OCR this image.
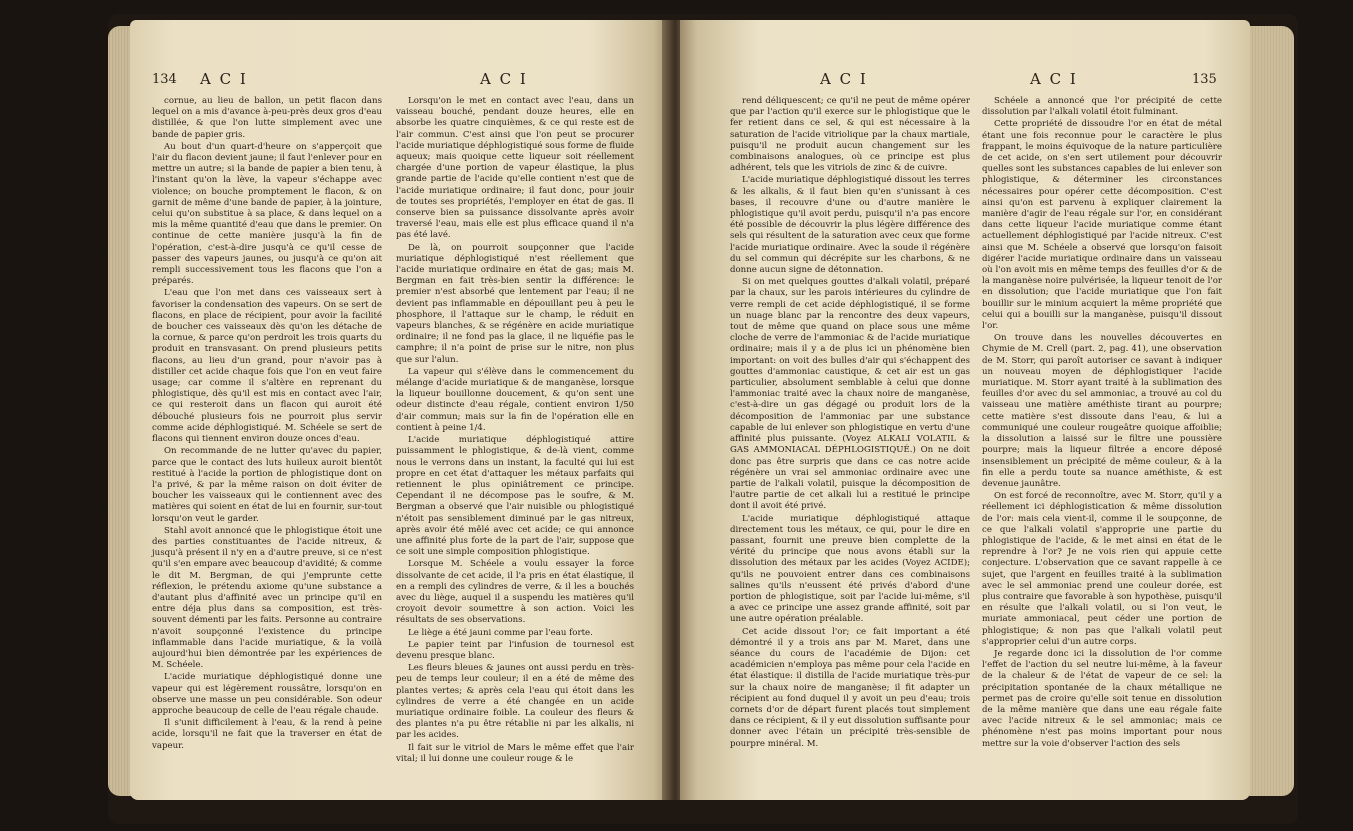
134 A C I	A C I

cornue, au lieu de ballon, un petit flacon dans lequel on a mis d'avance à-peu-près deux gros d'eau distillée, & que l'on lutte simplement avec une bande de papier gris.

Au bout d'un quart-d'heure on s'apperçoit que l'air du flacon devient jaune; il faut l'enlever pour en mettre un autre; si la bande de papier a bien tenu, à l'instant qu'on la lève, la vapeur s'échappe avec violence; on bouche promptement le flacon, & on garnit de même d'une bande de papier, à la jointure, celui qu'on substitue à sa place, & dans lequel on a mis la même quantité d'eau que dans le premier. On continue de cette manière jusqu'à la fin de l'opération, c'est-à-dire jusqu'à ce qu'il cesse de passer des vapeurs jaunes, ou jusqu'à ce qu'on ait rempli successivement tous les flacons que l'on a préparés.

L'eau que l'on met dans ces vaisseaux sert à favoriser la condensation des vapeurs. On se sert de flacons, en place de récipient, pour avoir la facilité de boucher ces vaisseaux dès qu'on les détache de la cornue, & parce qu'on perdroit les trois quarts du produit en transvasant. On prend plusieurs petits flacons, au lieu d'un grand, pour n'avoir pas à distiller cet acide chaque fois que l'on en veut faire usage; car comme il s'altère en reprenant du phlogistique, dès qu'il est mis en contact avec l'air, ce qui resteroit dans un flacon qui auroit été débouché plusieurs fois ne pourroit plus servir comme acide déphlogistiqué. M. Schéele se sert de flacons qui tiennent environ douze onces d'eau.

On recommande de ne lutter qu'avec du papier, parce que le contact des luts huileux auroit bientôt restitué à l'acide la portion de phlogistique dont on l'a privé, & par la même raison on doit éviter de boucher les vaisseaux qui le contiennent avec des matières qui soient en état de lui en fournir, sur-tout lorsqu'on veut le garder.

Stahl avoit annoncé que le phlogistique étoit une des parties constituantes de l'acide nitreux, & jusqu'à présent il n'y en a d'autre preuve, si ce n'est qu'il s'en empare avec beaucoup d'avidité; & comme le dit M. Bergman, de qui j'emprunte cette réflexion, le prétendu axiome qu'une substance a d'autant plus d'affinité avec un principe qu'il en entre déja plus dans sa composition, est très-souvent démenti par les faits. Personne au contraire n'avoit soupçonné l'existence du principe inflammable dans l'acide muriatique, & la voilà aujourd'hui bien démontrée par les expériences de M. Schéele.

L'acide muriatique déphlogistiqué donne une vapeur qui est légèrement roussâtre, lorsqu'on en observe une masse un peu considérable. Son odeur approche beaucoup de celle de l'eau régale chaude.

Il s'unit difficilement à l'eau, & la rend à peine acide, lorsqu'il ne fait que la traverser en état de vapeur.

Lorsqu'on le met en contact avec l'eau, dans un vaisseau bouché, pendant douze heures, elle en absorbe les quatre cinquièmes, & ce qui reste est de l'air commun. C'est ainsi que l'on peut se procurer l'acide muriatique déphlogistiqué sous forme de fluide aqueux; mais quoique cette liqueur soit réellement chargée d'une portion de vapeur élastique, la plus grande partie de l'acide qu'elle contient n'est que de l'acide muriatique ordinaire; il faut donc, pour jouir de toutes ses propriétés, l'employer en état de gas. Il conserve bien sa puissance dissolvante après avoir traversé l'eau, mais elle est plus efficace quand il n'a pas été lavé.

De là, on pourroit soupçonner que l'acide muriatique déphlogistiqué n'est réellement que l'acide muriatique ordinaire en état de gas; mais M. Bergman en fait très-bien sentir la différence: le premier n'est absorbé que lentement par l'eau; il ne devient pas inflammable en dépouillant peu à peu le phosphore, il l'attaque sur le champ, le réduit en vapeurs blanches, & se régénère en acide muriatique ordinaire; il ne fond pas la glace, il ne liquéfie pas le camphre; il n'a point de prise sur le nitre, non plus que sur l'alun.

La vapeur qui s'élève dans le commencement du mélange d'acide muriatique & de manganèse, lorsque la liqueur bouillonne doucement, & qu'on sent une odeur distincte d'eau régale, contient environ 1/50 d'air commun; mais sur la fin de l'opération elle en contient à peine 1/4.

L'acide muriatique déphlogistiqué attire puissamment le phlogistique, & de-là vient, comme nous le verrons dans un instant, la faculté qui lui est propre en cet état d'attaquer les métaux parfaits qui retiennent le plus opiniâtrement ce principe. Cependant il ne décompose pas le soufre, & M. Bergman a observé que l'air nuisible ou phlogistiqué n'étoit pas sensiblement diminué par le gas nitreux, après avoir été mêlé avec cet acide; ce qui annonce une affinité plus forte de la part de l'air, suppose que ce soit une simple composition phlogistique.

Lorsque M. Schéele a voulu essayer la force dissolvante de cet acide, il l'a pris en état élastique, il en a rempli des cylindres de verre, & il les a bouchés avec du liège, auquel il a suspendu les matières qu'il croyoit devoir soumettre à son action. Voici les résultats de ses observations.

Le liège a été jauni comme par l'eau forte.

Le papier teint par l'infusion de tournesol est devenu presque blanc.

Les fleurs bleues & jaunes ont aussi perdu en très-peu de temps leur couleur; il en a été de même des plantes vertes; & après cela l'eau qui étoit dans les cylindres de verre a été changée en un acide muriatique ordinaire foible. La couleur des fleurs & des plantes n'a pu être rétablie ni par les alkalis, ni par les acides.

Il fait sur le vitriol de Mars le même effet que l'air vital; il lui donne une couleur rouge & le

A C I	A C I	135

rend déliquescent; ce qu'il ne peut de même opérer que par l'action qu'il exerce sur le phlogistique que le fer retient dans ce sel, & qui est nécessaire à la saturation de l'acide vitriolique par la chaux martiale, puisqu'il ne produit aucun changement sur les combinaisons analogues, où ce principe est plus adhérent, tels que les vitriols de zinc & de cuivre.

L'acide muriatique déphlogistiqué dissout les terres & les alkalis, & il faut bien qu'en s'unissant à ces bases, il recouvre d'une ou d'autre manière le phlogistique qu'il avoit perdu, puisqu'il n'a pas encore été possible de découvrir la plus légère différence des sels qui résultent de la saturation avec ceux que forme l'acide muriatique ordinaire. Avec la soude il régénère du sel commun qui décrépite sur les charbons, & ne donne aucun signe de détonnation.

Si on met quelques gouttes d'alkali volatil, préparé par la chaux, sur les parois intérieures du cylindre de verre rempli de cet acide déphlogistiqué, il se forme un nuage blanc par la rencontre des deux vapeurs, tout de même que quand on place sous une même cloche de verre de l'ammoniac & de l'acide muriatique ordinaire; mais il y a de plus ici un phénomène bien important: on voit des bulles d'air qui s'échappent des gouttes d'ammoniac caustique, & cet air est un gas particulier, absolument semblable à celui que donne l'ammoniac traité avec la chaux noire de manganèse, c'est-à-dire un gas dégagé ou produit lors de la décomposition de l'ammoniac par une substance capable de lui enlever son phlogistique en vertu d'une affinité plus puissante. (Voyez ALKALI VOLATIL & GAS AMMONIACAL DÉPHLOGISTIQUÉ.) On ne doit donc pas être surpris que dans ce cas notre acide régénère un vrai sel ammoniac ordinaire avec une partie de l'alkali volatil, puisque la décomposition de l'autre partie de cet alkali lui a restitué le principe dont il avoit été privé.

L'acide muriatique déphlogistiqué attaque directement tous les métaux, ce qui, pour le dire en passant, fournit une preuve bien complette de la vérité du principe que nous avons établi sur la dissolution des métaux par les acides (Voyez ACIDE); qu'ils ne pouvoient entrer dans ces combinaisons salines qu'ils n'eussent été privés d'abord d'une portion de phlogistique, soit par l'acide lui-même, s'il a avec ce principe une assez grande affinité, soit par une autre opération préalable.

Cet acide dissout l'or; ce fait important a été démontré il y a trois ans par M. Maret, dans une séance du cours de l'académie de Dijon: cet académicien n'employa pas même pour cela l'acide en état élastique: il distilla de l'acide muriatique très-pur sur la chaux noire de manganèse; il fit adapter un récipient au fond duquel il y avoit un peu d'eau; trois cornets d'or de départ furent placés tout simplement dans ce récipient, & il y eut dissolution suffisante pour donner avec l'étain un précipité très-sensible de pourpre minéral. M.

Schéele a annoncé que l'or précipité de cette dissolution par l'alkali volatil étoit fulminant.

Cette propriété de dissoudre l'or en état de métal étant une fois reconnue pour le caractère le plus frappant, le moins équivoque de la nature particulière de cet acide, on s'en sert utilement pour découvrir quelles sont les substances capables de lui enlever son phlogistique, & déterminer les circonstances nécessaires pour opérer cette décomposition. C'est ainsi qu'on est parvenu à expliquer clairement la manière d'agir de l'eau régale sur l'or, en considérant dans cette liqueur l'acide muriatique comme étant actuellement déphlogistiqué par l'acide nitreux. C'est ainsi que M. Schéele a observé que lorsqu'on faisoit digérer l'acide muriatique ordinaire dans un vaisseau où l'on avoit mis en même temps des feuilles d'or & de la manganèse noire pulvérisée, la liqueur tenoit de l'or en dissolution; que l'acide muriatique que l'on fait bouillir sur le minium acquiert la même propriété que celui qui a bouilli sur la manganèse, puisqu'il dissout l'or.

On trouve dans les nouvelles découvertes en Chymie de M. Crell (part. 2, pag. 41), une observation de M. Storr, qui paroît autoriser ce savant à indiquer un nouveau moyen de déphlogistiquer l'acide muriatique. M. Storr ayant traité à la sublimation des feuilles d'or avec du sel ammoniac, a trouvé au col du vaisseau une matière améthiste tirant au pourpre; cette matière s'est dissoute dans l'eau, & lui a communiqué une couleur rougeâtre quoique affoiblie; la dissolution a laissé sur le filtre une poussière pourpre; mais la liqueur filtrée a encore déposé insensiblement un précipité de même couleur, & à la fin elle a perdu toute sa nuance améthiste, & est devenue jaunâtre.

On est forcé de reconnoître, avec M. Storr, qu'il y a réellement ici déphlogistication & même dissolution de l'or: mais cela vient-il, comme il le soupçonne, de ce que l'alkali volatil s'approprie une partie du phlogistique de l'acide, & le met ainsi en état de le reprendre à l'or? Je ne vois rien qui appuie cette conjecture. L'observation que ce savant rappelle à ce sujet, que l'argent en feuilles traité à la sublimation avec le sel ammoniac prend une couleur dorée, est plus contraire que favorable à son hypothèse, puisqu'il en résulte que l'alkali volatil, ou si l'on veut, le muriate ammoniacal, peut céder une portion de phlogistique; & non pas que l'alkali volatil peut s'approprier celui d'un autre corps.

Je regarde donc ici la dissolution de l'or comme l'effet de l'action du sel neutre lui-même, à la faveur de la chaleur & de l'état de vapeur de ce sel: la précipitation spontanée de la chaux métallique ne permet pas de croire qu'elle soit tenue en dissolution de la même manière que dans une eau régale faite avec l'acide nitreux & le sel ammoniac; mais ce phénomène n'est pas moins important pour nous mettre sur la voie d'observer l'action des sels
